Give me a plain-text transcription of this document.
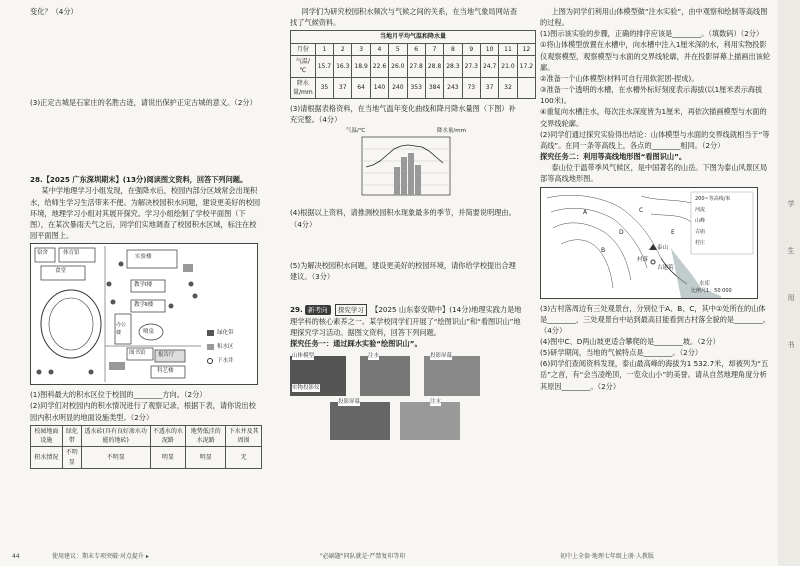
变化？（4分）

(3)正定古城是石家庄的名胜古迹，请说出保护正定古城的意义。（2分）

28.【2025 广东深圳期末】(13分)阅读图文资料，回答下列问题。

某中学地理学习小组发现，在强降水后，校园内部分区域常会出现积水，给师生学习生活带来不便。为解决校园积水问题，建设更美好的校园环境，地理学习小组对其展开探究。学习小组绘制了学校平面图（下图），在某次暴雨天气之后，同学们实地调查了校园积水区域，标注在校园平面图上。

宿舍	体育馆
实验楼
食堂
教学Ⅰ楼
教学Ⅱ楼
办公楼	喷泉
图书馆 报告厅
科艺楼
绿化带
积水区
下水井

(1)图科最大的积水区位于校园的________方向。（2分）

(2)同学们对校园内的积水情况进行了观察记录，根据下表，请你说出校园内积水明显的地面设施类型。（2分）

校园地面设施	绿化带	透水砖(具有良好渗水功能的地砖)	不透水的水泥路	地势低洼的水泥路	下水井及其周围
积水情况	不明显	不明显	明显	明显	无

同学们为研究校园积水频次与气候之间的关系，在当地气象局网站查找了气候资料。

当地月平均气温和降水量												
月份	1	2	3	4	5	6	7	8	9	10	11	12
气温/℃	15.7	16.3	18.9	22.6	26.0	27.8	28.8	28.3	27.3	24.7	21.0	17.2
降水量/mm	35	37	64	140	240	353	384	243	73	37	32	

(3)请根据表格资料，在当地气温年变化曲线和降月降水量图（下图）补充完整。（4分）

气温/℃	降水量/mm

(4)根据以上资料，请推测校园积水现象最多的季节，并简要说明理由。（4分）

(5)为解决校园积水问题，建设更美好的校园环境，请你给学校提出合理建议。（3分）

29. 新考向 探究学习 【2025 山东泰安期中】(14分)地理实践力是地理学科的核心素养之一。某学校同学们开展了“绘图识山”和“看图识山”地理探究学习活动。据图文资料，回答下列问题。

探究任务一：通过踩水实验“绘图识山”。

山体模型	注水	投影屏幕
实物投影仪
投影屏幕	注水

上图为同学们利用山体模型做“注水实验”，由中观察和绘制等高线图的过程。

(1)图示该实验的步骤，正确的排序应该是________。（填数码）（2分）

①将山体模型放置在水槽中，向水槽中注入1厘米深的水，利用实物投影仪观察模型，观察模型与水面的交界线轮廓，并在投影屏幕上描画出该轮廓。

②准备一个山体模型(材料可自行用软泥团-捏成)。

③准备一个透明的水槽，在水槽外标好刻度表示海拔(以1厘米表示海拔100米)。

④重复向水槽注水，每次注水深度皆为1厘米，再依次描画模型与水面的交界线轮廓。

(2)同学们通过探究实验得出结论：山体模型与水面的交界线就相当于“等高线”。在同一条等高线上，各点的________相同。（2分）

探究任务二：利用等高线地形图“看图识山”。

泰山位于温带季风气候区，是中国著名的山岳。下图为泰山风景区局部等高线地形图。

A
B
C
D	E
泰山
村落
古建筑
水库
200~等高线/米
河流
山峰
古庙
村庄
比例尺1：50 000

(3)古村落周边有三处观景台，分别位于A、B、C，其中①处所在的山体是________，三处观景台中站到最高目能看到古村落全貌的是________。（4分）

(4)图中C、D两山坡更适合攀爬的是________坡。（2分）

(5)研学期间，当地的气候特点是________。（2分）

(6)同学们查阅资料发现，泰山最高峰的海拔为1 532.7米，却被列为“五岳”之首，有“会当凌绝顶，一览众山小”的美誉。请从自然地理角度分析其原因________。（2分）

学生用书
44	使用建议：期末专项突破·对点提升 ▸	"必刷题"同队就是·严禁复印等印	初中上全套·地理七年级上册·人教版
